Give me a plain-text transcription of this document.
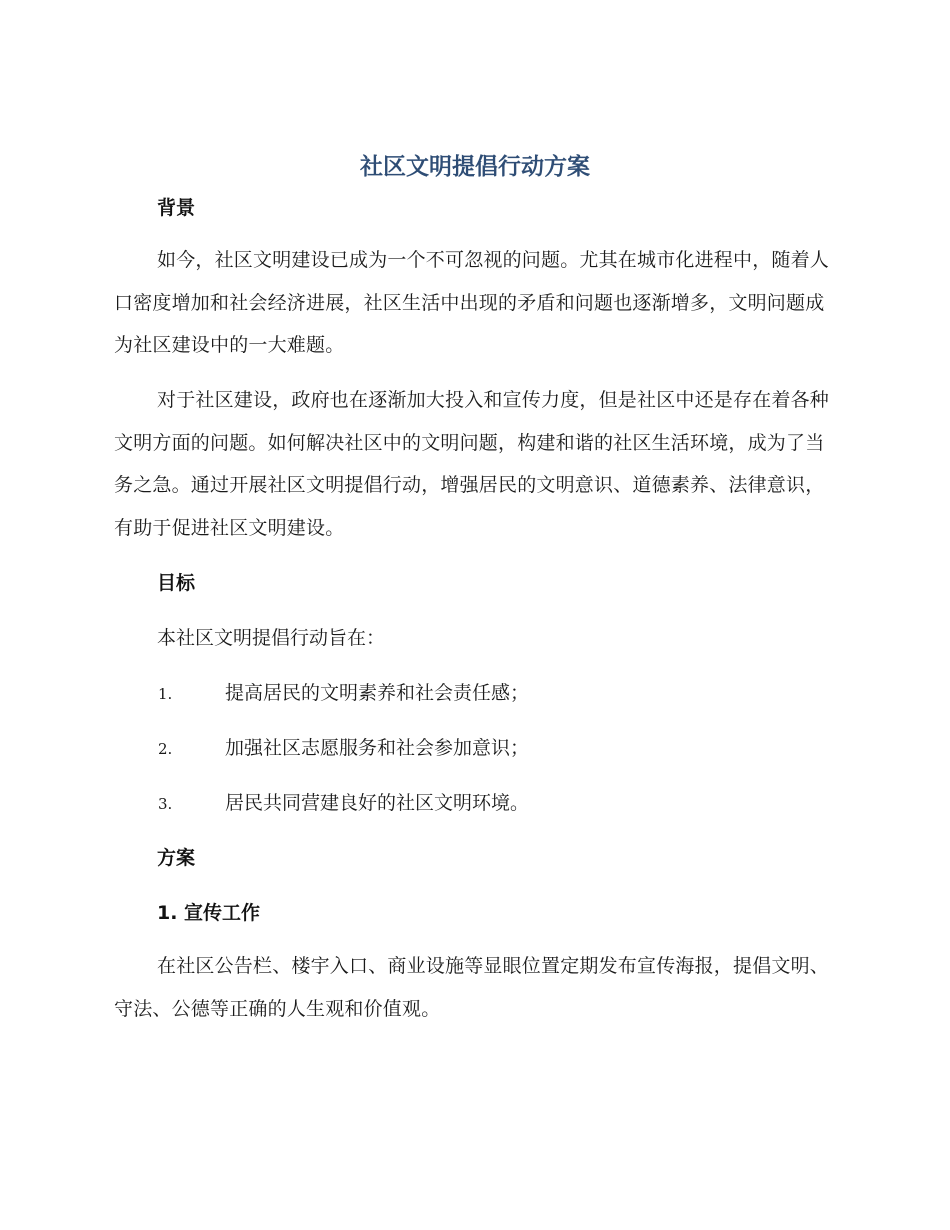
社区文明提倡行动方案
背景

如今，社区文明建设已成为一个不可忽视的问题。尤其在城市化进程中，随着人口密度增加和社会经济进展，社区生活中出现的矛盾和问题也逐渐增多，文明问题成为社区建设中的一大难题。

对于社区建设，政府也在逐渐加大投入和宣传力度，但是社区中还是存在着各种文明方面的问题。如何解决社区中的文明问题，构建和谐的社区生活环境，成为了当务之急。通过开展社区文明提倡行动，增强居民的文明意识、道德素养、法律意识，有助于促进社区文明建设。

目标

本社区文明提倡行动旨在：

1.	提高居民的文明素养和社会责任感；
2.	加强社区志愿服务和社会参加意识；
3.	居民共同营建良好的社区文明环境。
方案
1. 宣传工作

在社区公告栏、楼宇入口、商业设施等显眼位置定期发布宣传海报，提倡文明、守法、公德等正确的人生观和价值观。
